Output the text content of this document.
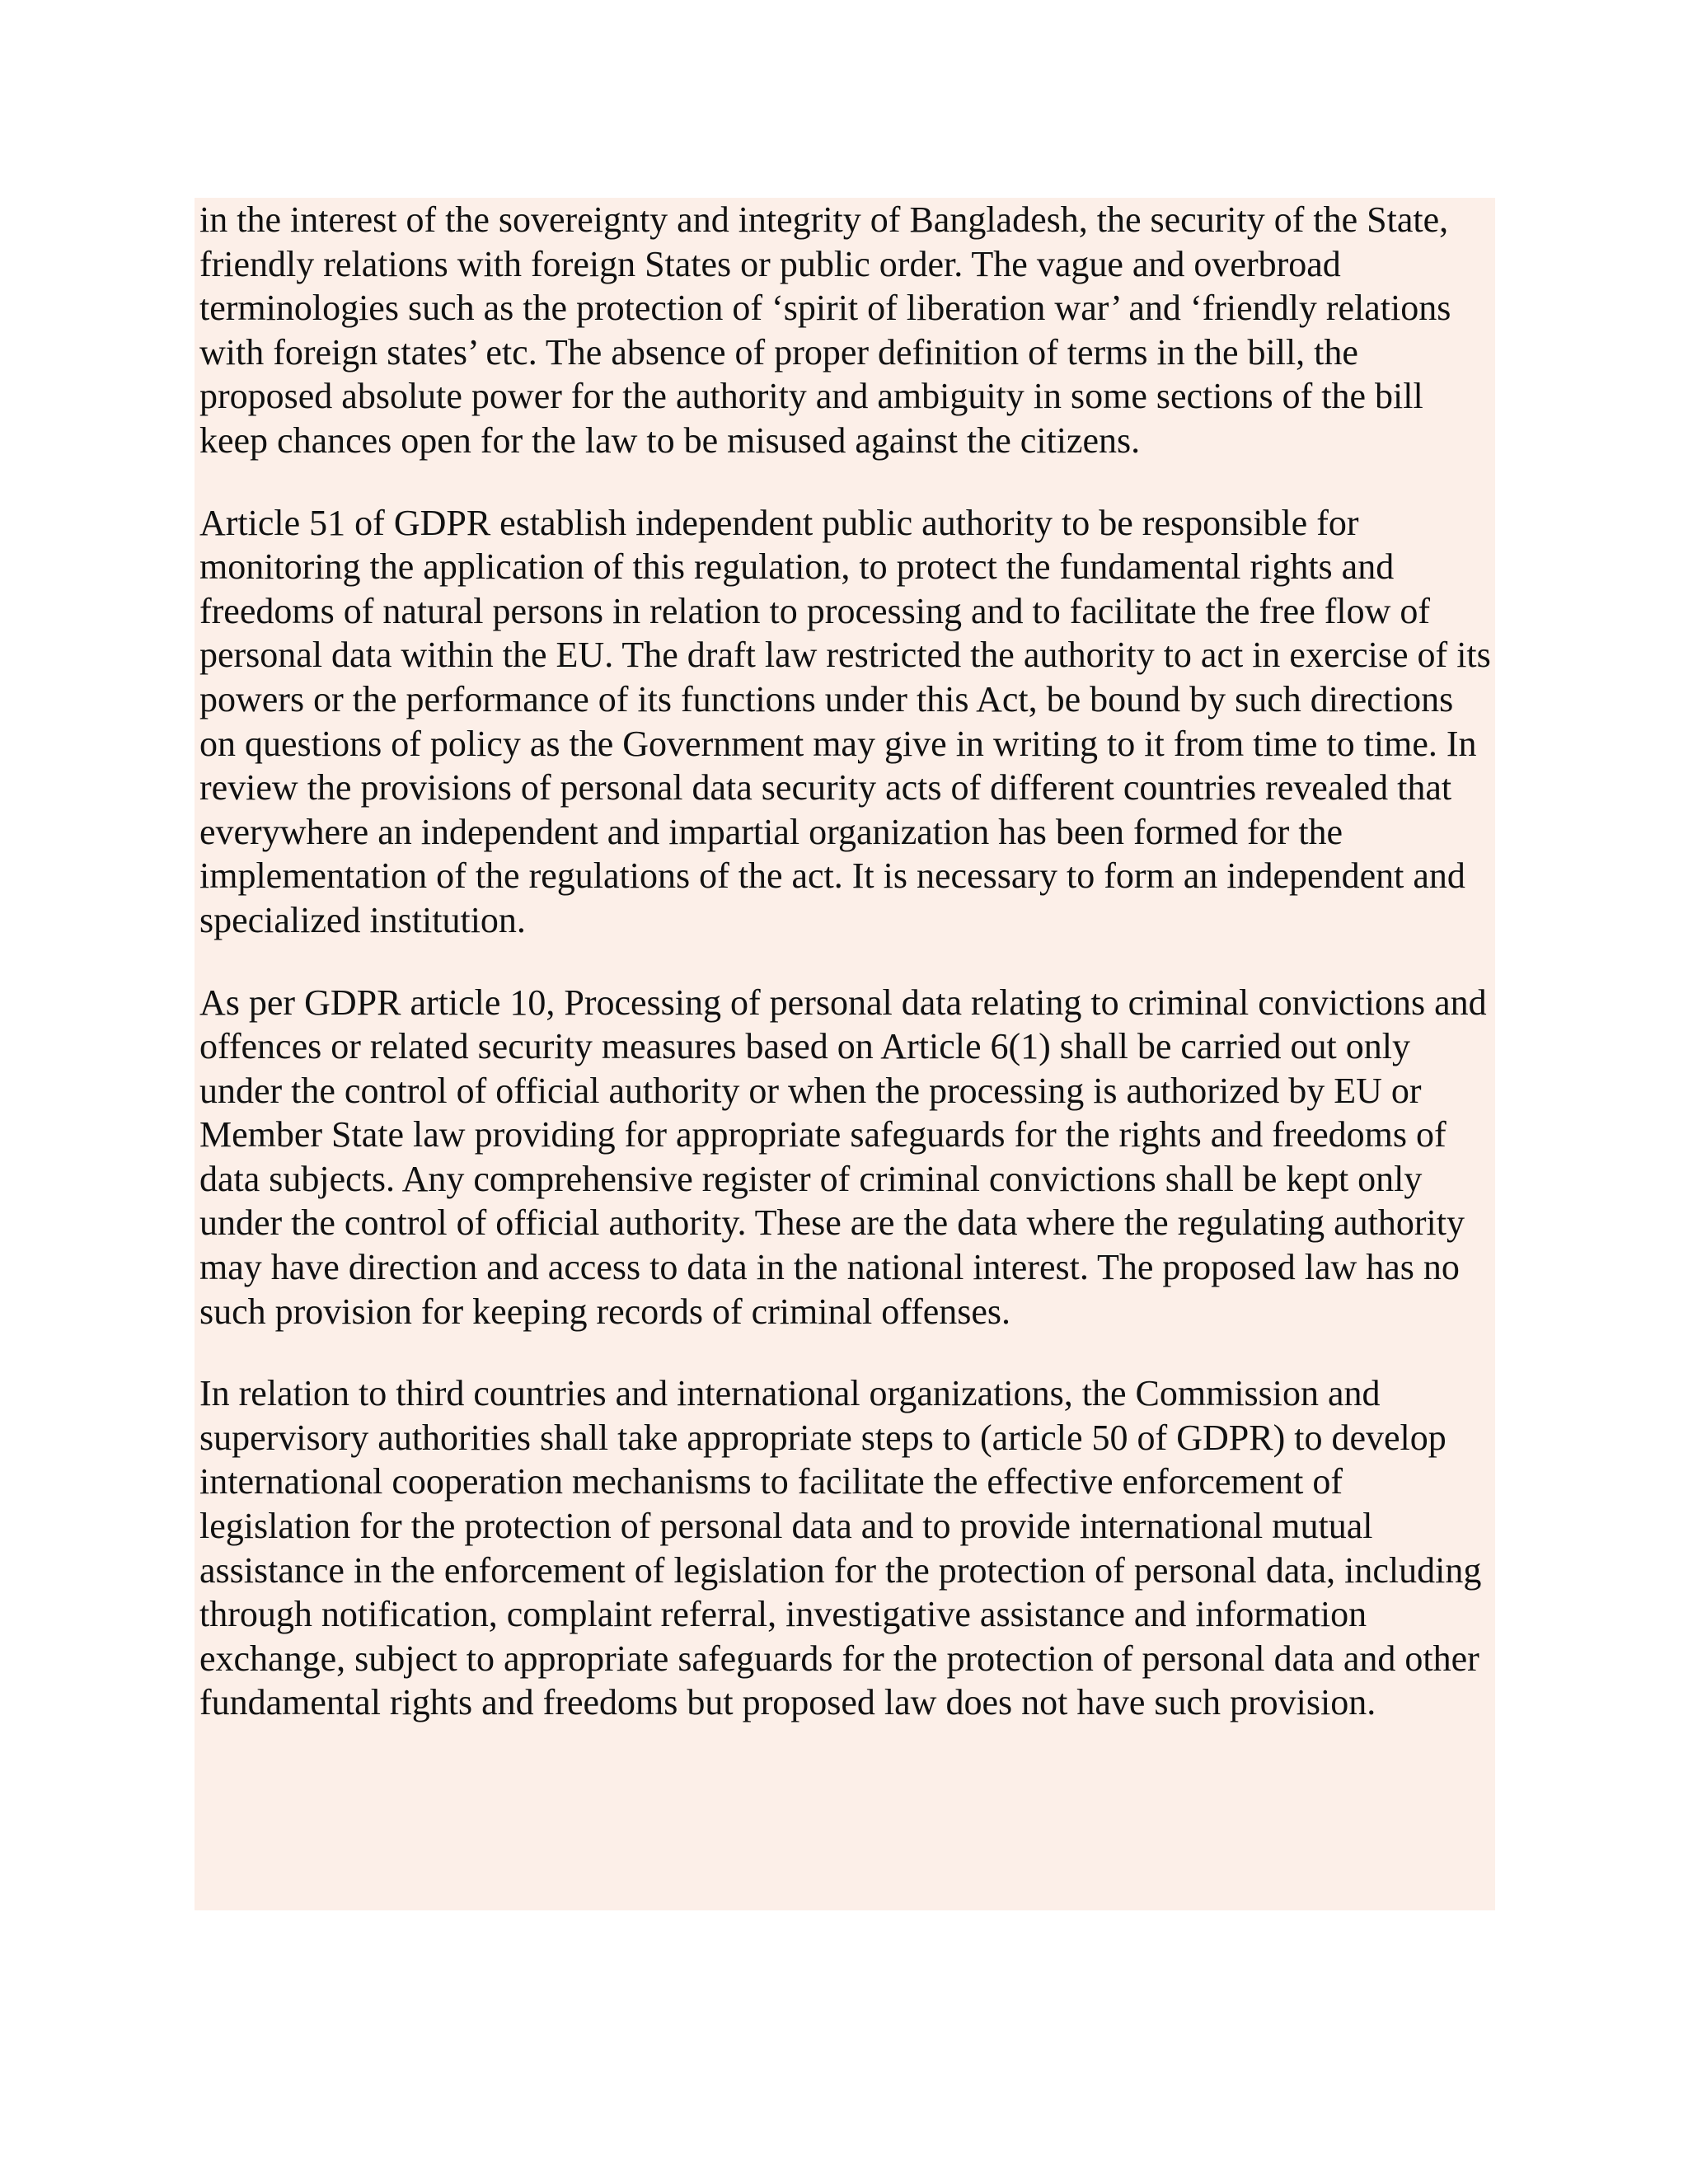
in the interest of the sovereignty and integrity of Bangladesh, the security of the State, friendly relations with foreign States or public order. The vague and overbroad terminologies such as the protection of ‘spirit of liberation war’ and ‘friendly relations with foreign states’ etc. The absence of proper definition of terms in the bill, the proposed absolute power for the authority and ambiguity in some sections of the bill keep chances open for the law to be misused against the citizens.

Article 51 of GDPR establish independent public authority to be responsible for monitoring the application of this regulation, to protect the fundamental rights and freedoms of natural persons in relation to processing and to facilitate the free flow of personal data within the EU. The draft law restricted the authority to act in exercise of its powers or the performance of its functions under this Act, be bound by such directions on questions of policy as the Government may give in writing to it from time to time. In review the provisions of personal data security acts of different countries revealed that everywhere an independent and impartial organization has been formed for the implementation of the regulations of the act. It is necessary to form an independent and specialized institution.

As per GDPR article 10, Processing of personal data relating to criminal convictions and offences or related security measures based on Article 6(1) shall be carried out only under the control of official authority or when the processing is authorized by EU or Member State law providing for appropriate safeguards for the rights and freedoms of data subjects. Any comprehensive register of criminal convictions shall be kept only under the control of official authority. These are the data where the regulating authority may have direction and access to data in the national interest. The proposed law has no such provision for keeping records of criminal offenses.

In relation to third countries and international organizations, the Commission and supervisory authorities shall take appropriate steps to (article 50 of GDPR) to develop international cooperation mechanisms to facilitate the effective enforcement of legislation for the protection of personal data and to provide international mutual assistance in the enforcement of legislation for the protection of personal data, including through notification, complaint referral, investigative assistance and information exchange, subject to appropriate safeguards for the protection of personal data and other fundamental rights and freedoms but proposed law does not have such provision.
